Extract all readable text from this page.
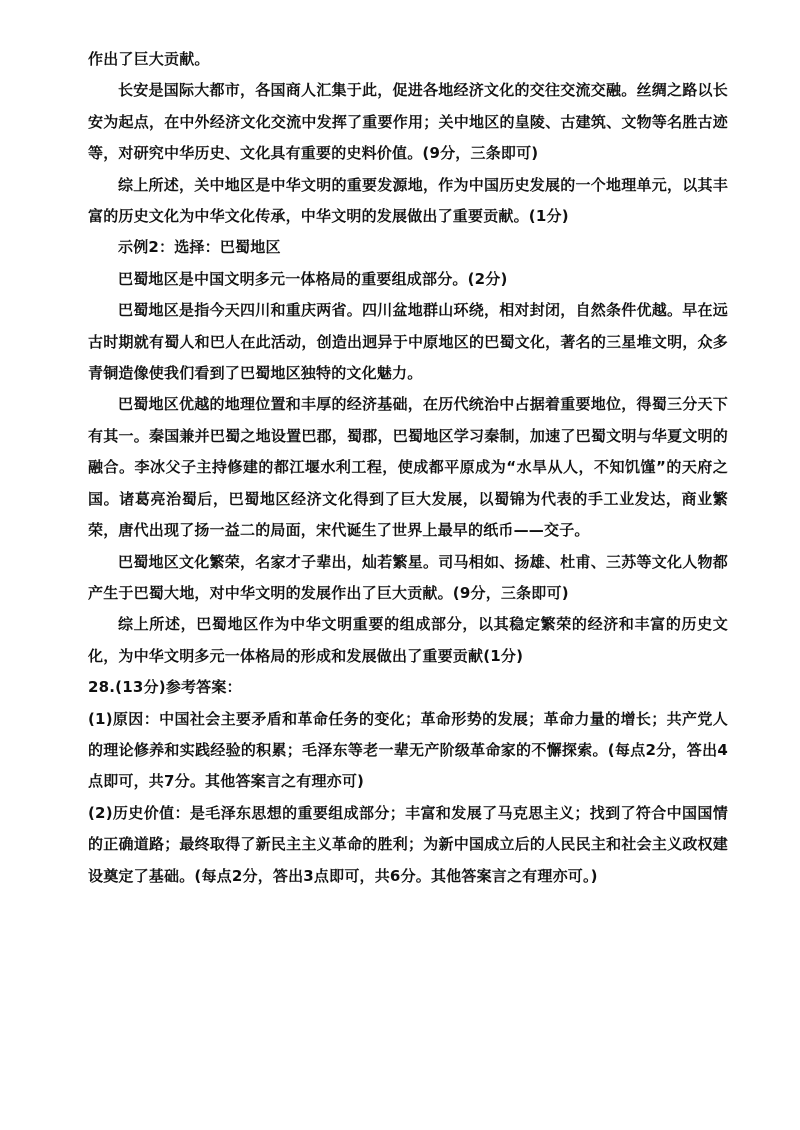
作出了巨大贡献。

长安是国际大都市，各国商人汇集于此，促进各地经济文化的交往交流交融。丝绸之路以长安为起点，在中外经济文化交流中发挥了重要作用；关中地区的皇陵、古建筑、文物等名胜古迹等，对研究中华历史、文化具有重要的史料价值。(9分，三条即可)

综上所述，关中地区是中华文明的重要发源地，作为中国历史发展的一个地理单元，以其丰富的历史文化为中华文化传承，中华文明的发展做出了重要贡献。(1分)

示例2：选择：巴蜀地区

巴蜀地区是中国文明多元一体格局的重要组成部分。(2分)

巴蜀地区是指今天四川和重庆两省。四川盆地群山环绕，相对封闭，自然条件优越。早在远古时期就有蜀人和巴人在此活动，创造出迥异于中原地区的巴蜀文化，著名的三星堆文明，众多青铜造像使我们看到了巴蜀地区独特的文化魅力。

巴蜀地区优越的地理位置和丰厚的经济基础，在历代统治中占据着重要地位，得蜀三分天下有其一。秦国兼并巴蜀之地设置巴郡，蜀郡，巴蜀地区学习秦制，加速了巴蜀文明与华夏文明的融合。李冰父子主持修建的都江堰水利工程，使成都平原成为“水旱从人，不知饥馑”的天府之国。诸葛亮治蜀后，巴蜀地区经济文化得到了巨大发展，以蜀锦为代表的手工业发达，商业繁荣，唐代出现了扬一益二的局面，宋代诞生了世界上最早的纸币——交子。

巴蜀地区文化繁荣，名家才子辈出，灿若繁星。司马相如、扬雄、杜甫、三苏等文化人物都产生于巴蜀大地，对中华文明的发展作出了巨大贡献。(9分，三条即可)

综上所述，巴蜀地区作为中华文明重要的组成部分，以其稳定繁荣的经济和丰富的历史文化，为中华文明多元一体格局的形成和发展做出了重要贡献(1分)

28.(13分)参考答案：

(1)原因：中国社会主要矛盾和革命任务的变化；革命形势的发展；革命力量的增长；共产党人的理论修养和实践经验的积累；毛泽东等老一辈无产阶级革命家的不懈探索。(每点2分，答出4点即可，共7分。其他答案言之有理亦可)

(2)历史价值：是毛泽东思想的重要组成部分；丰富和发展了马克思主义；找到了符合中国国情的正确道路；最终取得了新民主主义革命的胜利；为新中国成立后的人民民主和社会主义政权建设奠定了基础。(每点2分，答出3点即可，共6分。其他答案言之有理亦可。)
